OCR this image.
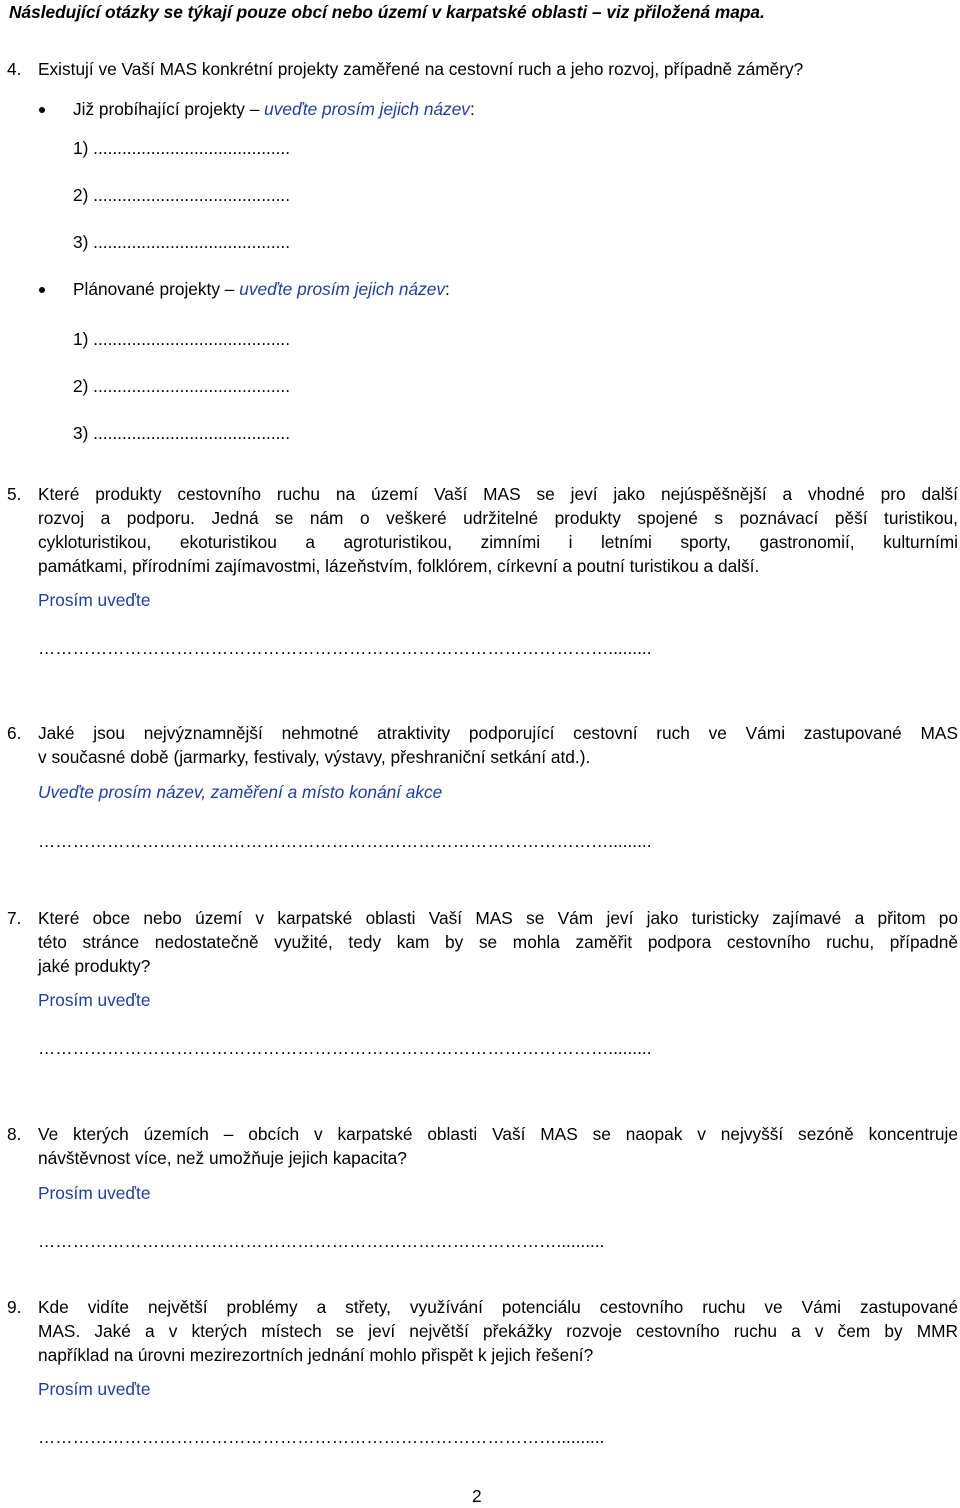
Následující otázky se týkají pouze obcí nebo území v karpatské oblasti – viz přiložená mapa.
4. Existují ve Vaší MAS konkrétní projekty zaměřené na cestovní ruch a jeho rozvoj, případně záměry?
Již probíhající projekty – uveďte prosím jejich název:
1) .........................................
2) .........................................
3) .........................................
Plánované projekty – uveďte prosím jejich název:
1) .........................................
2) .........................................
3) .........................................
5. Které produkty cestovního ruchu na území Vaší MAS se jeví jako nejúspěšnější a vhodné pro další
rozvoj a podporu. Jedná se nám o veškeré udržitelné produkty spojené s poznávací pěší turistikou,
cykloturistikou, ekoturistikou a agroturistikou, zimními i letními sporty, gastronomií, kulturními
památkami, přírodními zajímavostmi, lázeňstvím, folklórem, církevní a poutní turistikou a další.
Prosím uveďte
……………………………………………………………………………………….........
6. Jaké jsou nejvýznamnější nehmotné atraktivity podporující cestovní ruch ve Vámi zastupované MAS
v současné době (jarmarky, festivaly, výstavy, přeshraniční setkání atd.).
Uveďte prosím název, zaměření a místo konání akce
……………………………………………………………………………………….........
7. Které obce nebo území v karpatské oblasti Vaší MAS se Vám jeví jako turisticky zajímavé a přitom po
této stránce nedostatečně využité, tedy kam by se mohla zaměřit podpora cestovního ruchu, případně
jaké produkty?
Prosím uveďte
……………………………………………………………………………………….........
8. Ve kterých územích – obcích v karpatské oblasti Vaší MAS se naopak v nejvyšší sezóně koncentruje
návštěvnost více, než umožňuje jejich kapacita?
Prosím uveďte
………………………………………………………………………………..........
9. Kde vidíte největší problémy a střety, využívání potenciálu cestovního ruchu ve Vámi zastupované
MAS. Jaké a v kterých místech se jeví největší překážky rozvoje cestovního ruchu a v čem by MMR
například na úrovni mezirezortních jednání mohlo přispět k jejich řešení?
Prosím uveďte
………………………………………………………………………………..........
2
